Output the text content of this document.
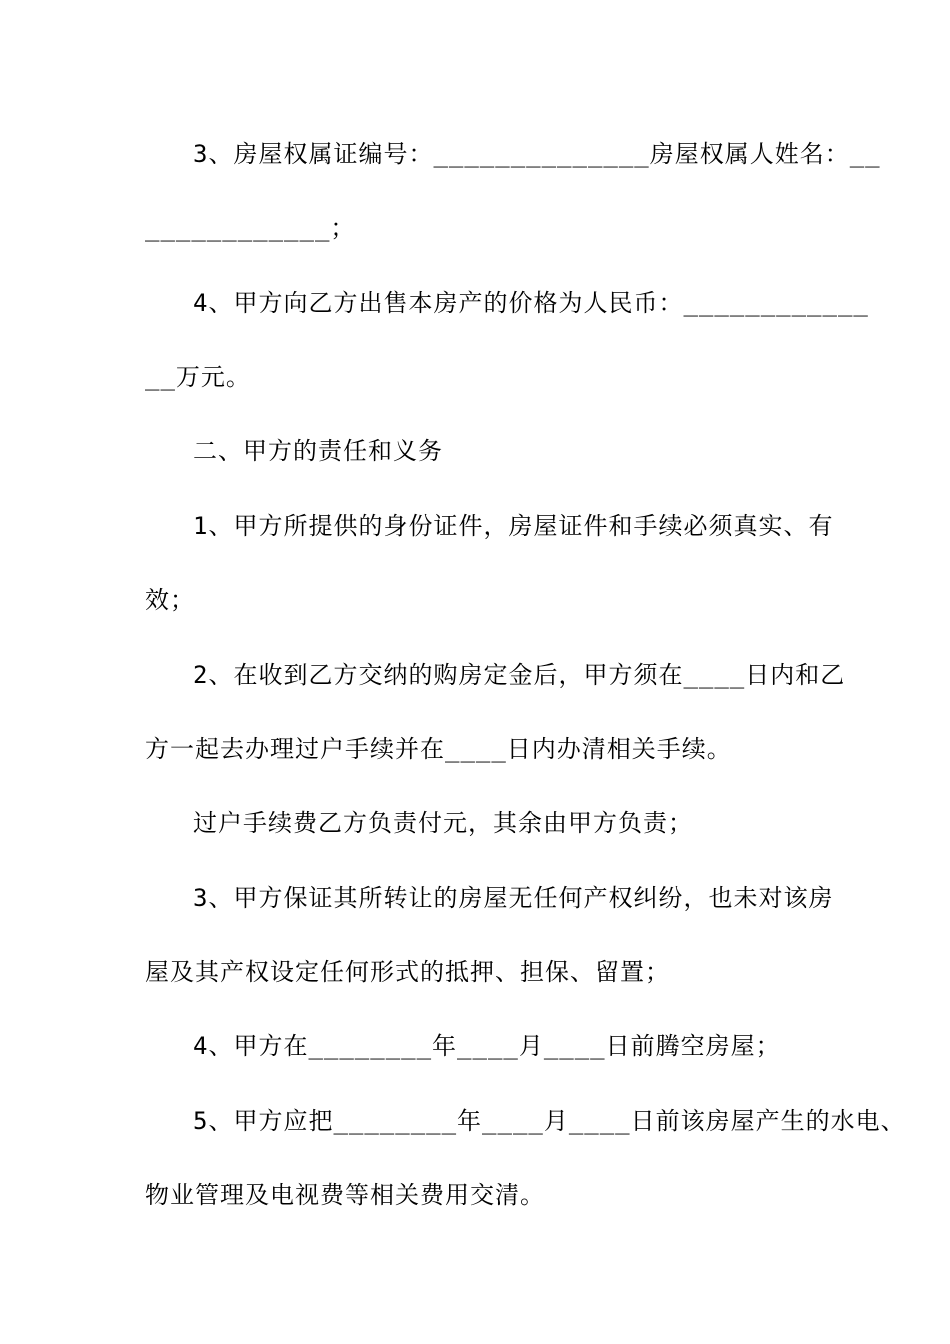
3、房屋权属证编号：______________房屋权属人姓名：__
____________；
4、甲方向乙方出售本房产的价格为人民币：____________
__万元。
二、甲方的责任和义务
1、甲方所提供的身份证件，房屋证件和手续必须真实、有
效；
2、在收到乙方交纳的购房定金后，甲方须在____日内和乙
方一起去办理过户手续并在____日内办清相关手续。
过户手续费乙方负责付元，其余由甲方负责；
3、甲方保证其所转让的房屋无任何产权纠纷，也未对该房
屋及其产权设定任何形式的抵押、担保、留置；
4、甲方在________年____月____日前腾空房屋；
5、甲方应把________年____月____日前该房屋产生的水电、
物业管理及电视费等相关费用交清。
